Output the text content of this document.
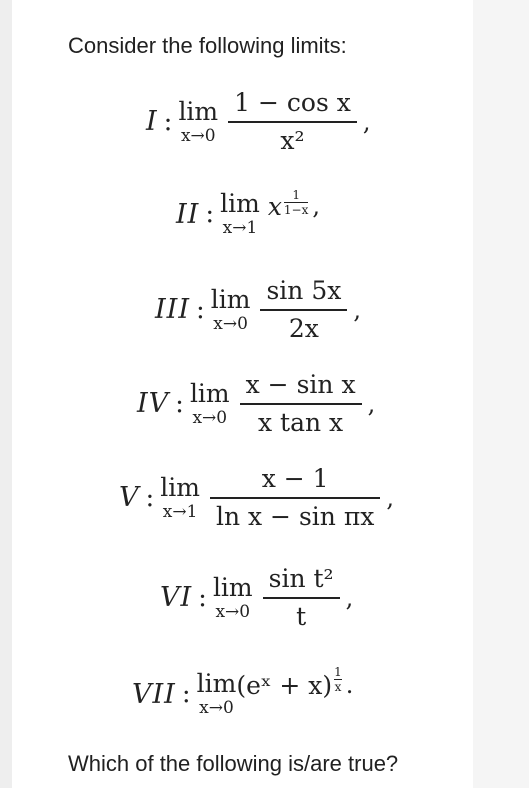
Consider the following limits:
I : lim
$x\to 0 \frac{\text{1 − cos x}}{\text{x²}}$ ,
II : lim
x→1
x 1
1−x ,
III : lim
$x\to 0 \frac{\sin 5x}{2x}$ ,
IV : lim
$x\to 0 \frac{\text{x − sin x}}{\text{x tan x}}$ ,
V : lim
$x\to 1 \frac{x - 1}{\text{ln x − sin πx}}$ ,
VI : lim
$x\to 0 \frac{\text{sin t²}}{t}$ ,
VII : lim
x→0
(eˣ + x) 1
x .
Which of the following is/are true?
